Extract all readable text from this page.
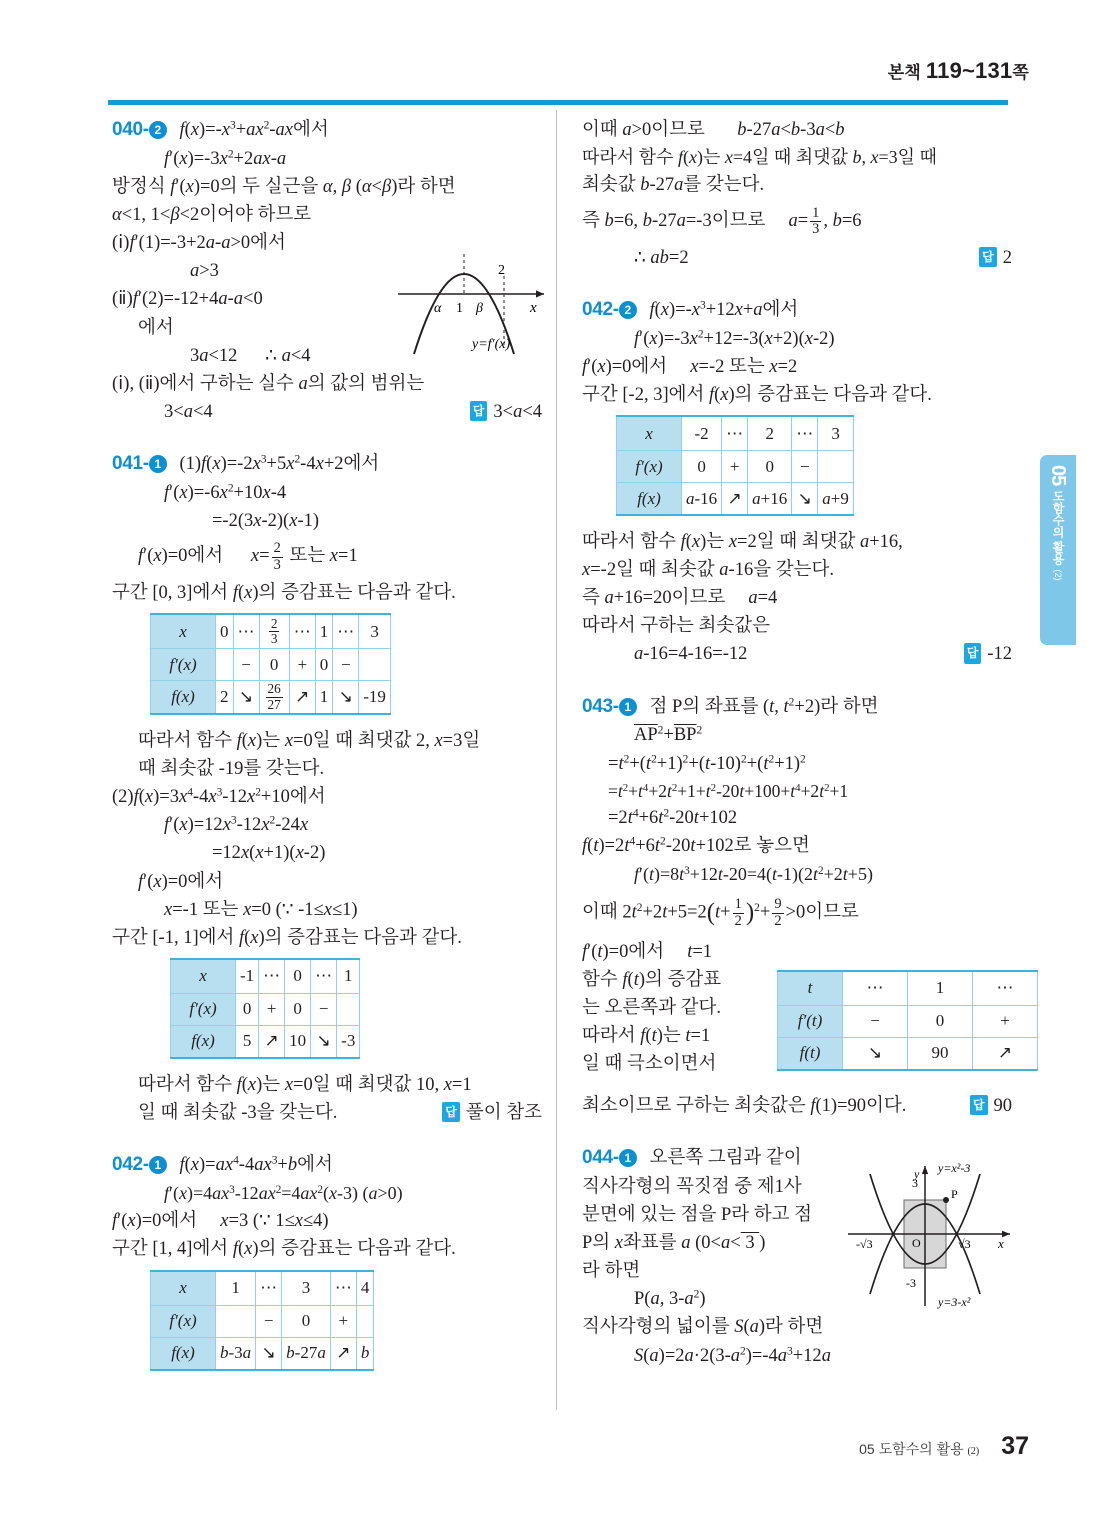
본책 119~131쪽
05 도함수의 활용 (2)
040- 2 $f(x)=-x^3+ax^2-ax$에서
$f'(x)=-3x^2+2ax-a$
방정식 f′(x)=0의 두 실근을 α, β (α<β)라 하면
α<1, 1<β<2이어야 하므로
(ⅰ)f′(1)=-3+2a-a>0에서
a>3
(ⅱ)f′(2)=-12+4a-a<0
에서
3a<12      ∴ a<4
(ⅰ), (ⅱ)에서 구하는 실수 a의 값의 범위는
3<a<4	답 3<a<4
α 1 β
2
x
y=f′(x)
041- 1 $(1)f(x)=-2x^3+5x^2-4x+2$에서
$f'(x)=-6x^2+10x-4$
=-2(3x-2)(x-1)
f′(x)=0에서      $x= \frac{2}{3}$ 또는 x=1
구간 [0, 3]에서 f(x)의 증감표는 다음과 같다.
x	0	⋯	$\frac{2}{3}$	⋯	1	⋯	3
f′(x)		−	0	+	0	−	
f(x)	2	↘	$\frac{26}{27}$	↗	1	↘	-19
따라서 함수 f(x)는 x=0일 때 최댓값 2, x=3일
때 최솟값 -19를 갖는다.
$(2)f(x)=3x^4-4x^3-12x^2+10$에서
$f'(x)=12x^3-12x^2-24x$
=12x(x+1)(x-2)
f′(x)=0에서
x=-1 또는 x=0 (∵ -1≤x≤1)
구간 [-1, 1]에서 f(x)의 증감표는 다음과 같다.
x	-1	⋯	0	⋯	1
f′(x)	0	+	0	−	
f(x)	5	↗	10	↘	-3
따라서 함수 f(x)는 x=0일 때 최댓값 10, x=1
일 때 최솟값 -3을 갖는다.	답 풀이 참조
042- 1 $f(x)=ax^4-4ax^3+b$에서
$f'(x)=4ax^3-12ax^2=4ax^2(x-3)$ (a>0)
f′(x)=0에서     x=3 (∵ 1≤x≤4)
구간 [1, 4]에서 f(x)의 증감표는 다음과 같다.
x	1	⋯	3	⋯	4
f′(x)		−	0	+	
f(x)	b-3a	↘	b-27a	↗	b
이때 a>0이므로       b-27a<b-3a<b
따라서 함수 f(x)는 x=4일 때 최댓값 b, x=3일 때
최솟값 b-27a를 갖는다.
즉 b=6, b-27a=-3이므로     $a= \frac{1}{3}$ , b=6
∴ ab=2	답 2
042- 2 $f(x)=-x^3+12x+a$에서
$f'(x)=-3x^2+12=-3(x+2)(x-2)$
f′(x)=0에서     x=-2 또는 x=2
구간 [-2, 3]에서 f(x)의 증감표는 다음과 같다.
x	-2	⋯	2	⋯	3
f′(x)	0	+	0	−	
f(x)	a-16	↗	a+16	↘	a+9
따라서 함수 f(x)는 x=2일 때 최댓값 a+16,
x=-2일 때 최솟값 a-16을 갖는다.
즉 a+16=20이므로     a=4
따라서 구하는 최솟값은
a-16=4-16=-12	답 -12
043- 1 점 P의 좌표를 (t, $t^2+2$)라 하면
$\overline{AP}^2+\overline{BP}^2$
$=t^2+(t^2+1)^2+(t-10)^2+(t^2+1)^2$
$=t^2+t^4+2t^2+1+t^2-20t+100+t^4+2t^2+1$
$=2t^4+6t^2-20t+102$
$f(t)=2t^4+6t^2-20t+102$로 놓으면
$f'(t)=8t^3+12t-20=4(t-1)(2t^2+2t+5)$
이때 $2t^2+2t+5=2(t+ \frac{1}{2} )^2+ \frac{9}{2} >0$이므로
f′(t)=0에서     t=1
함수 f(t)의 증감표
는 오른쪽과 같다.
따라서 f(t)는 t=1
일 때 극소이면서
t	⋯	1	⋯
f′(t)	−	0	+
f(t)	↘	90	↗
최소이므로 구하는 최솟값은 f(1)=90이다.	답 90
044- 1 오른쪽 그림과 같이
직사각형의 꼭짓점 중 제1사
분면에 있는 점을 P라 하고 점
P의 x좌표를 a (0<a< 3 )
라 하면
P(a, $3-a^2$)
직사각형의 넓이를 S(a)라 하면
$S(a)=2a\cdot 2(3-a^2)=-4a^3+12a$
P
y=x²-3
y=3-x²
3
-3
-√3	√3
O
y
x
05 도함수의 활용 (2) 37
